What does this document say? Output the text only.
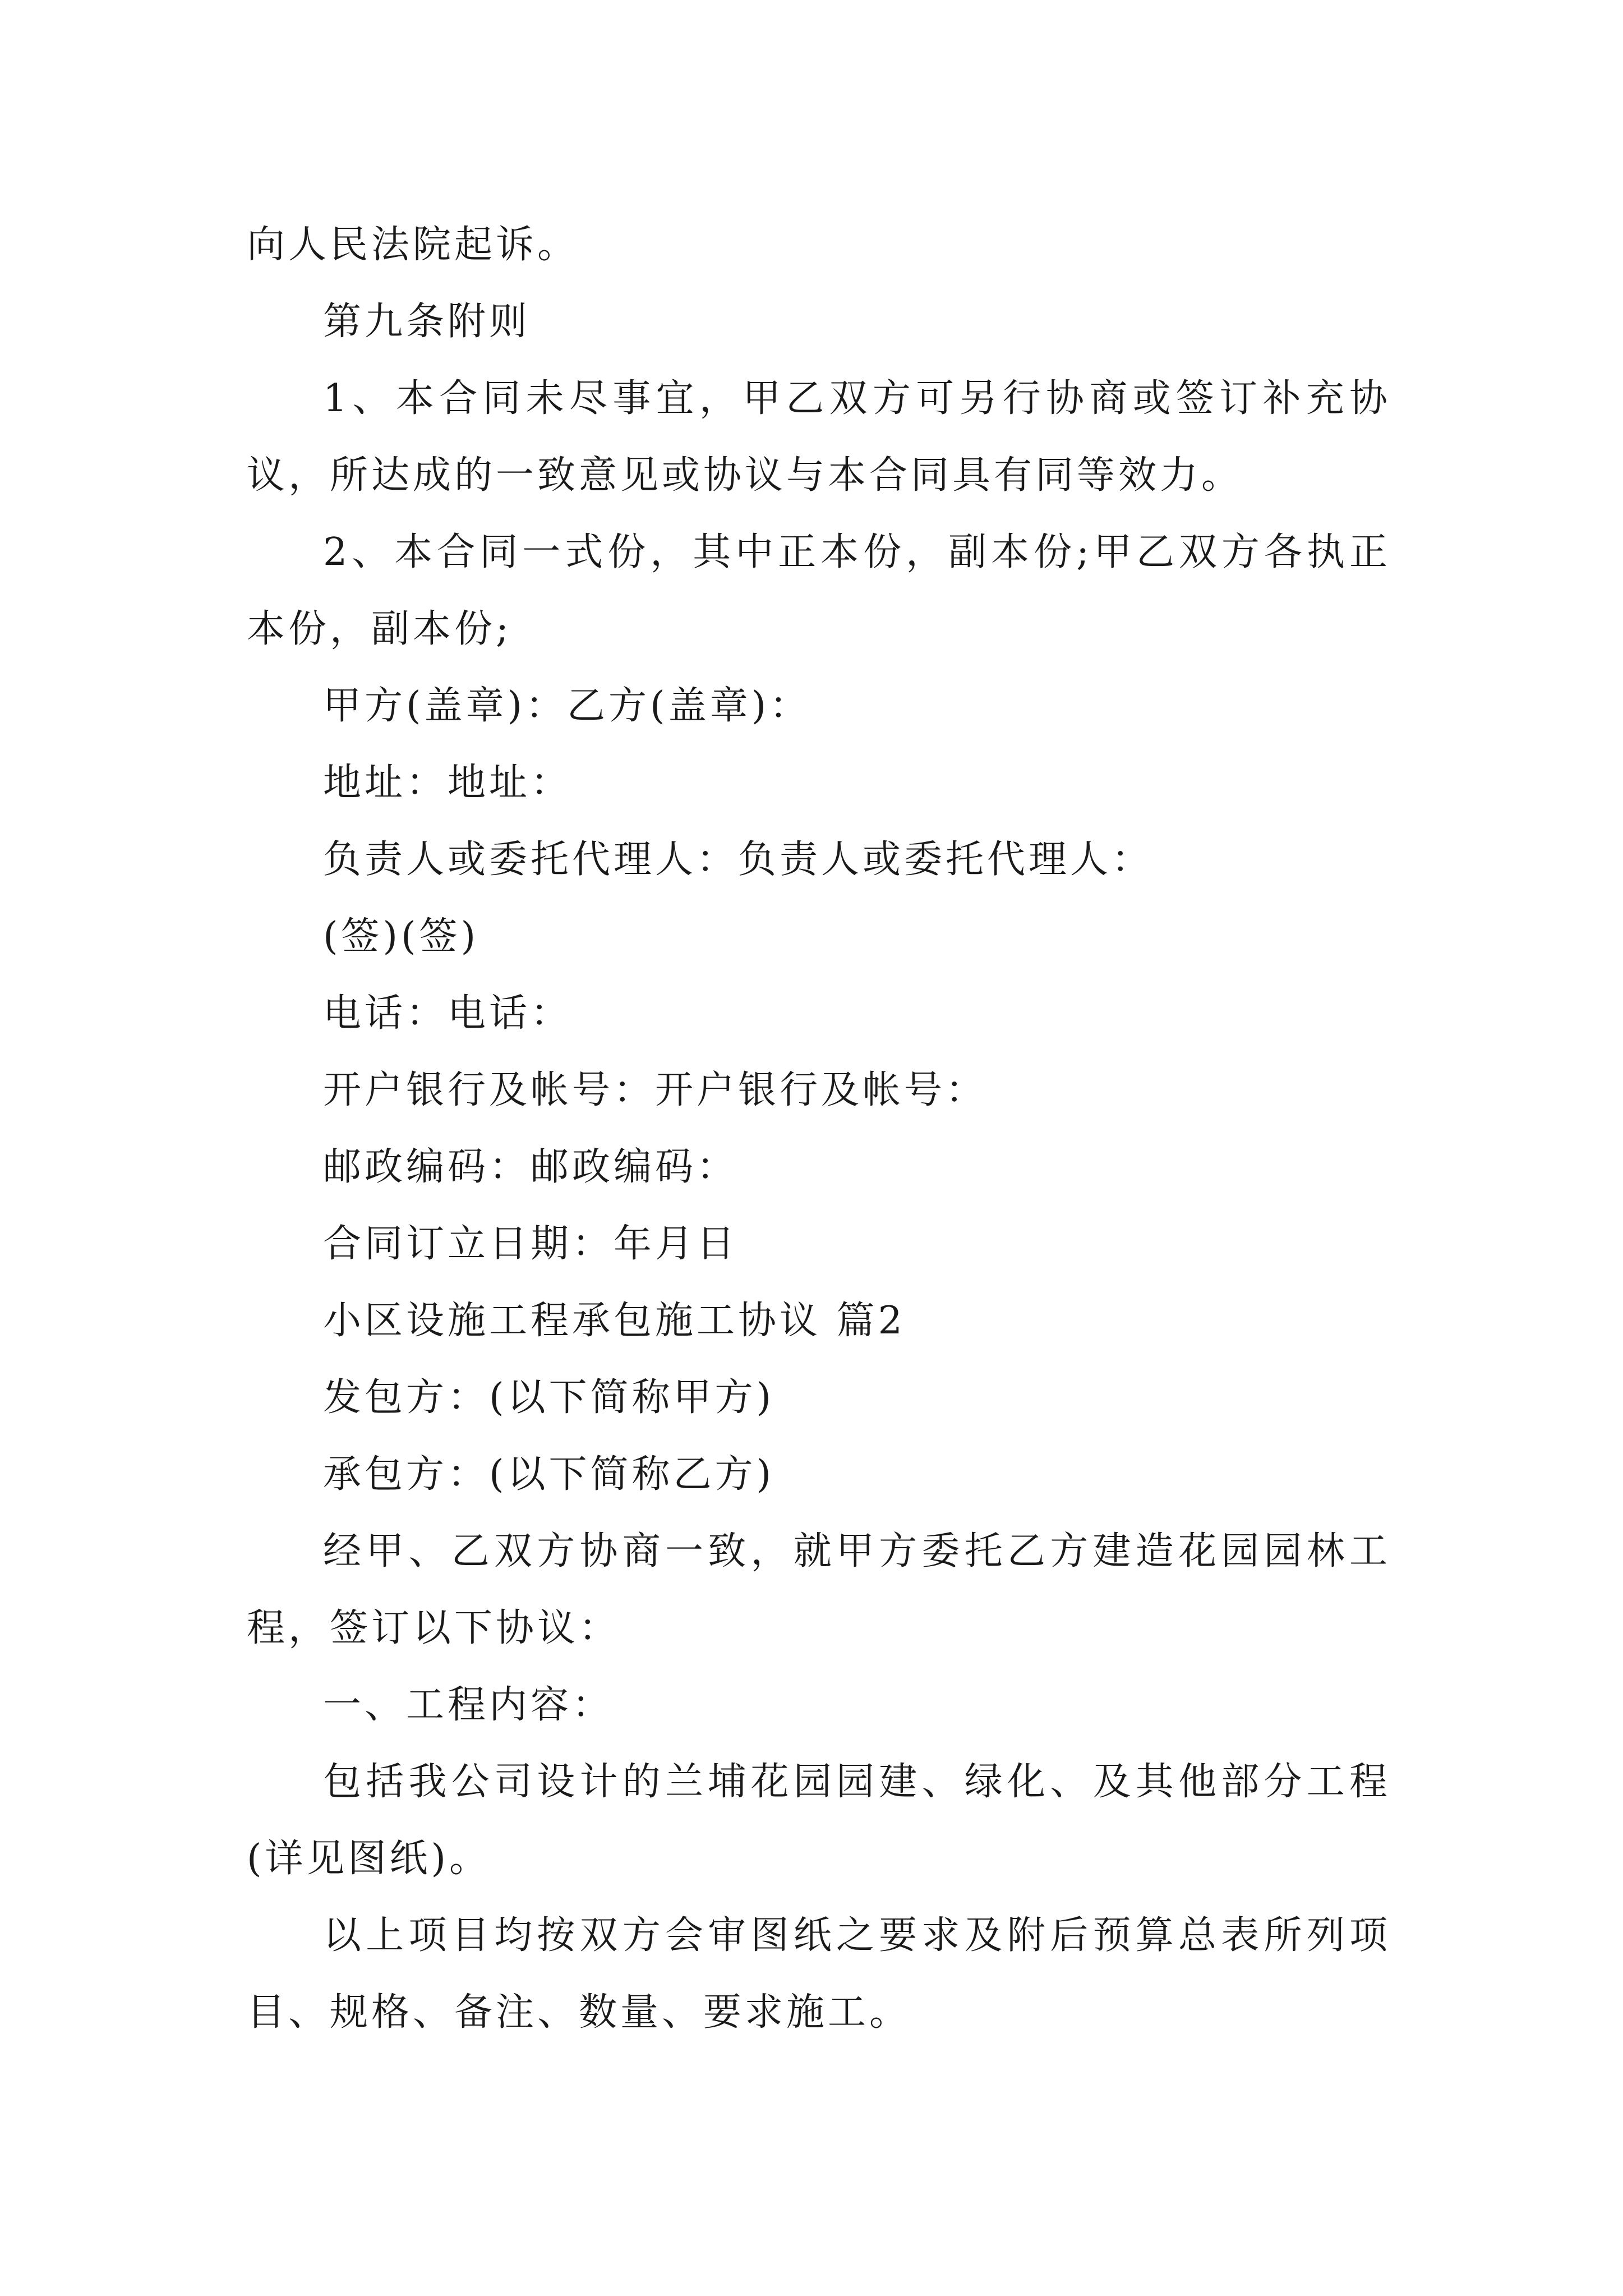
向人民法院起诉。

第九条附则

1、本合同未尽事宜，甲乙双方可另行协商或签订补充协议，所达成的一致意见或协议与本合同具有同等效力。

2、本合同一式份，其中正本份，副本份;甲乙双方各执正本份，副本份;

甲方(盖章)：乙方(盖章)：

地址：地址：

负责人或委托代理人：负责人或委托代理人：

(签)(签)

电话：电话：

开户银行及帐号：开户银行及帐号：

邮政编码：邮政编码：

合同订立日期：年月日

小区设施工程承包施工协议 篇2

发包方：(以下简称甲方)

承包方：(以下简称乙方)

经甲、乙双方协商一致，就甲方委托乙方建造花园园林工程，签订以下协议：

一、工程内容：

包括我公司设计的兰埔花园园建、绿化、及其他部分工程(详见图纸)。

以上项目均按双方会审图纸之要求及附后预算总表所列项目、规格、备注、数量、要求施工。
